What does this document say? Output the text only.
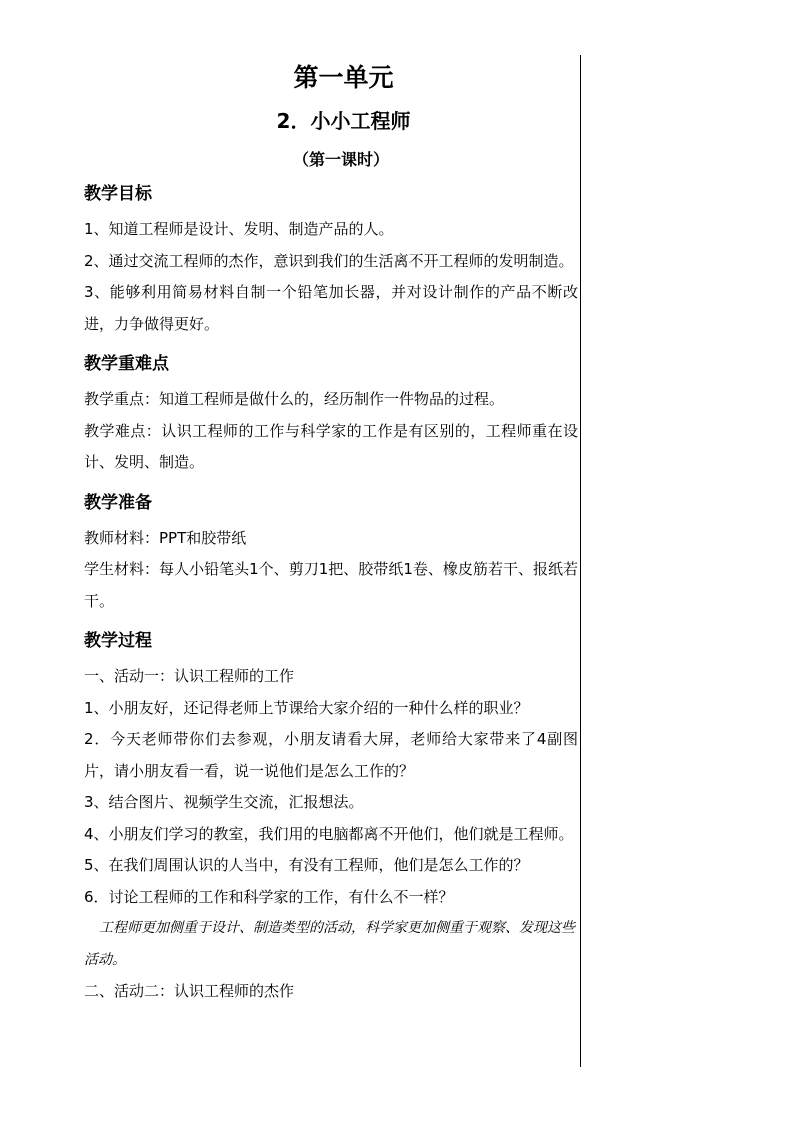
第一单元
2．小小工程师
（第一课时）
教学目标

1、知道工程师是设计、发明、制造产品的人。

2、通过交流工程师的杰作，意识到我们的生活离不开工程师的发明制造。

3、能够利用简易材料自制一个铅笔加长器，并对设计制作的产品不断改进，力争做得更好。

教学重难点

教学重点：知道工程师是做什么的，经历制作一件物品的过程。

教学难点：认识工程师的工作与科学家的工作是有区别的，工程师重在设计、发明、制造。

教学准备

教师材料：PPT和胶带纸

学生材料：每人小铅笔头1个、剪刀1把、胶带纸1卷、橡皮筋若干、报纸若干。

教学过程

一、活动一：认识工程师的工作

1、小朋友好，还记得老师上节课给大家介绍的一种什么样的职业？

2．今天老师带你们去参观，小朋友请看大屏，老师给大家带来了4副图片，请小朋友看一看，说一说他们是怎么工作的？

3、结合图片、视频学生交流，汇报想法。

4、小朋友们学习的教室，我们用的电脑都离不开他们，他们就是工程师。

5、在我们周围认识的人当中，有没有工程师，他们是怎么工作的？

6．讨论工程师的工作和科学家的工作，有什么不一样？

工程师更加侧重于设计、制造类型的活动，科学家更加侧重于观察、发现这些活动。

二、活动二：认识工程师的杰作
